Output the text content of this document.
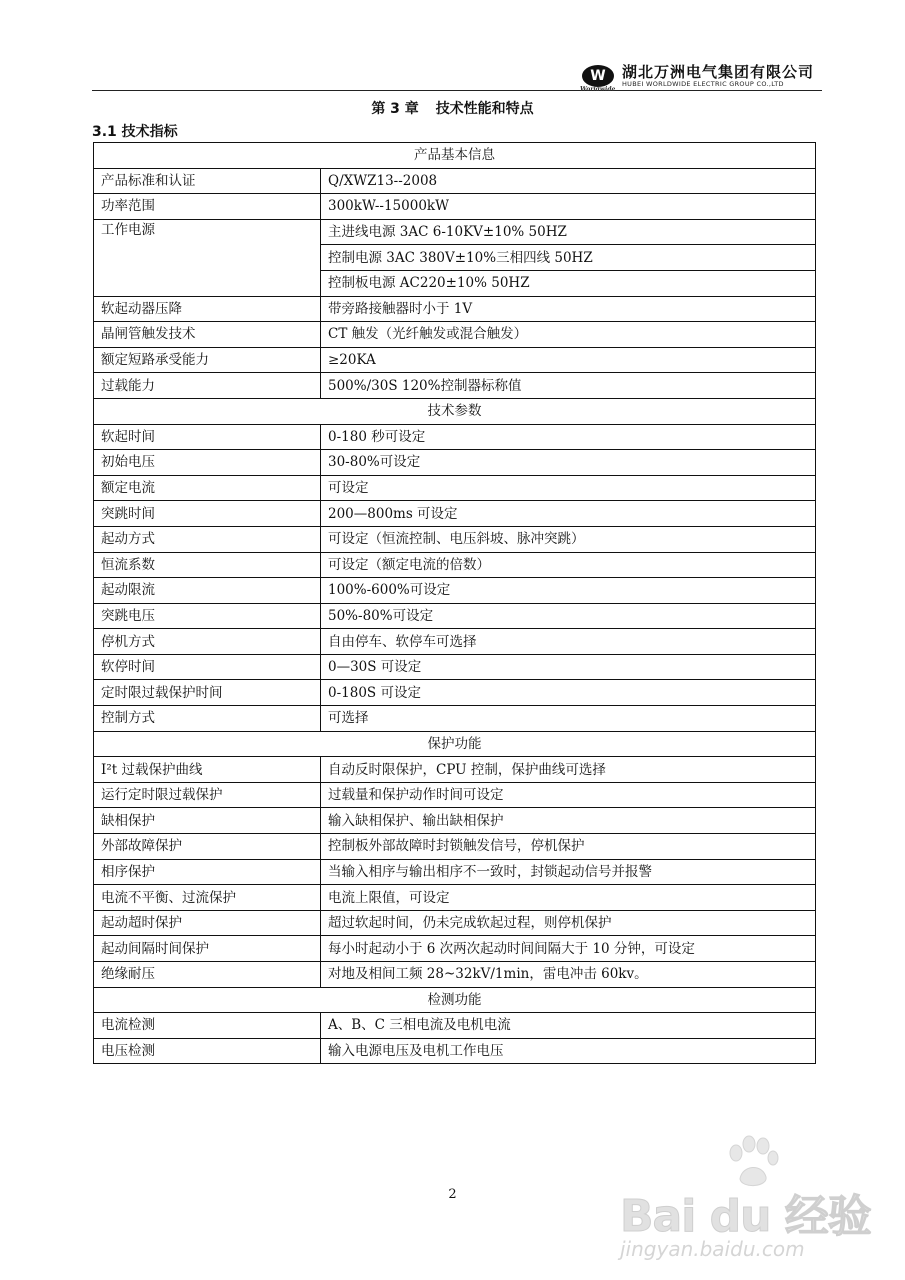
W
Worldwide
湖北万洲电气集团有限公司
HUBEI WORLDWIDE ELECTRIC GROUP CO.,LTD
第 3 章 技术性能和特点
3.1 技术指标
产品基本信息	
产品标准和认证	Q/XWZ13--2008
功率范围	300kW--15000kW
工作电源	主进线电源 3AC 6-10KV±10% 50HZ
	控制电源 3AC 380V±10%三相四线 50HZ
	控制板电源 AC220±10% 50HZ
软起动器压降	带旁路接触器时小于 1V
晶闸管触发技术	CT 触发（光纤触发或混合触发）
额定短路承受能力	≥20KA
过载能力	500%/30S 120%控制器标称值
技术参数	
软起时间	0-180 秒可设定
初始电压	30-80%可设定
额定电流	可设定
突跳时间	200—800ms 可设定
起动方式	可设定（恒流控制、电压斜坡、脉冲突跳）
恒流系数	可设定（额定电流的倍数）
起动限流	100%-600%可设定
突跳电压	50%-80%可设定
停机方式	自由停车、软停车可选择
软停时间	0—30S 可设定
定时限过载保护时间	0-180S 可设定
控制方式	可选择
保护功能	
I²t 过载保护曲线	自动反时限保护，CPU 控制，保护曲线可选择
运行定时限过载保护	过载量和保护动作时间可设定
缺相保护	输入缺相保护、输出缺相保护
外部故障保护	控制板外部故障时封锁触发信号，停机保护
相序保护	当输入相序与输出相序不一致时，封锁起动信号并报警
电流不平衡、过流保护	电流上限值，可设定
起动超时保护	超过软起时间，仍未完成软起过程，则停机保护
起动间隔时间保护	每小时起动小于 6 次两次起动时间间隔大于 10 分钟，可设定
绝缘耐压	对地及相间工频 28~32kV/1min，雷电冲击 60kv。
检测功能	
电流检测	A、B、C 三相电流及电机电流
电压检测	输入电源电压及电机工作电压
2	Bai du 经验
jingyan.baidu.com
